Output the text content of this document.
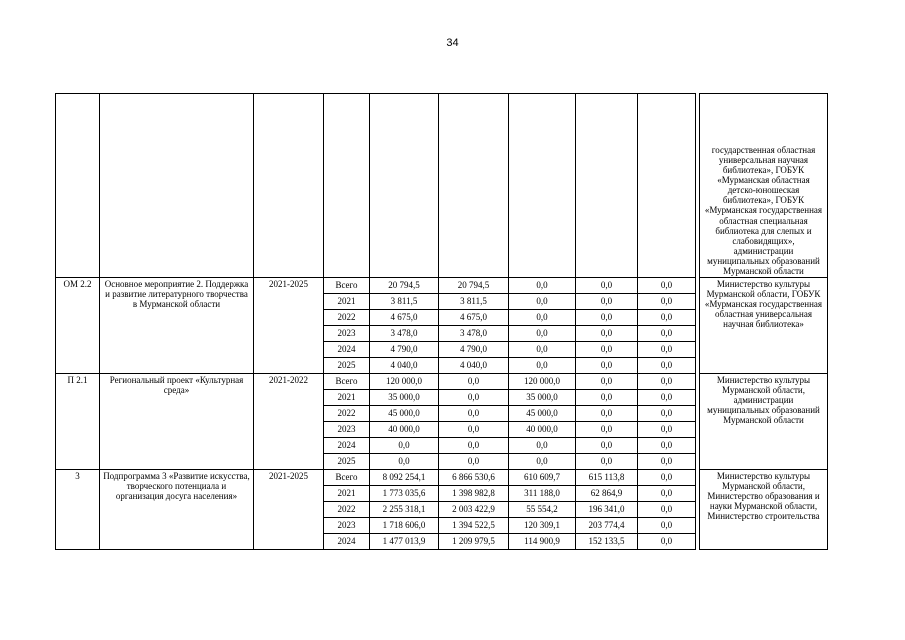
34
										государственная областная универсальная научная библиотека», ГОБУК «Мурманская областная детско-юношеская библиотека», ГОБУК «Мурманская государственная областная специальная библиотека для слепых и слабовидящих», администрации муниципальных образований Мурманской области
ОМ 2.2	Основное мероприятие 2. Поддержка и развитие литературного творчества в Мурманской области	2021-2025	Всего	20 794,5	20 794,5	0,0	0,0	0,0		Министерство культуры Мурманской области, ГОБУК «Мурманская государственная областная универсальная научная библиотека»
			2021	3 811,5	3 811,5	0,0	0,0	0,0		
			2022	4 675,0	4 675,0	0,0	0,0	0,0		
			2023	3 478,0	3 478,0	0,0	0,0	0,0		
			2024	4 790,0	4 790,0	0,0	0,0	0,0		
			2025	4 040,0	4 040,0	0,0	0,0	0,0		
П 2.1	Региональный проект «Культурная среда»	2021-2022	Всего	120 000,0	0,0	120 000,0	0,0	0,0		Министерство культуры Мурманской области, администрации муниципальных образований Мурманской области
			2021	35 000,0	0,0	35 000,0	0,0	0,0		
			2022	45 000,0	0,0	45 000,0	0,0	0,0		
			2023	40 000,0	0,0	40 000,0	0,0	0,0		
			2024	0,0	0,0	0,0	0,0	0,0		
			2025	0,0	0,0	0,0	0,0	0,0		
3	Подпрограмма 3 «Развитие искусства, творческого потенциала и организация досуга населения»	2021-2025	Всего	8 092 254,1	6 866 530,6	610 609,7	615 113,8	0,0		Министерство культуры Мурманской области, Министерство образования и науки Мурманской области, Министерство строительства
			2021	1 773 035,6	1 398 982,8	311 188,0	62 864,9	0,0		
			2022	2 255 318,1	2 003 422,9	55 554,2	196 341,0	0,0		
			2023	1 718 606,0	1 394 522,5	120 309,1	203 774,4	0,0		
			2024	1 477 013,9	1 209 979,5	114 900,9	152 133,5	0,0		
